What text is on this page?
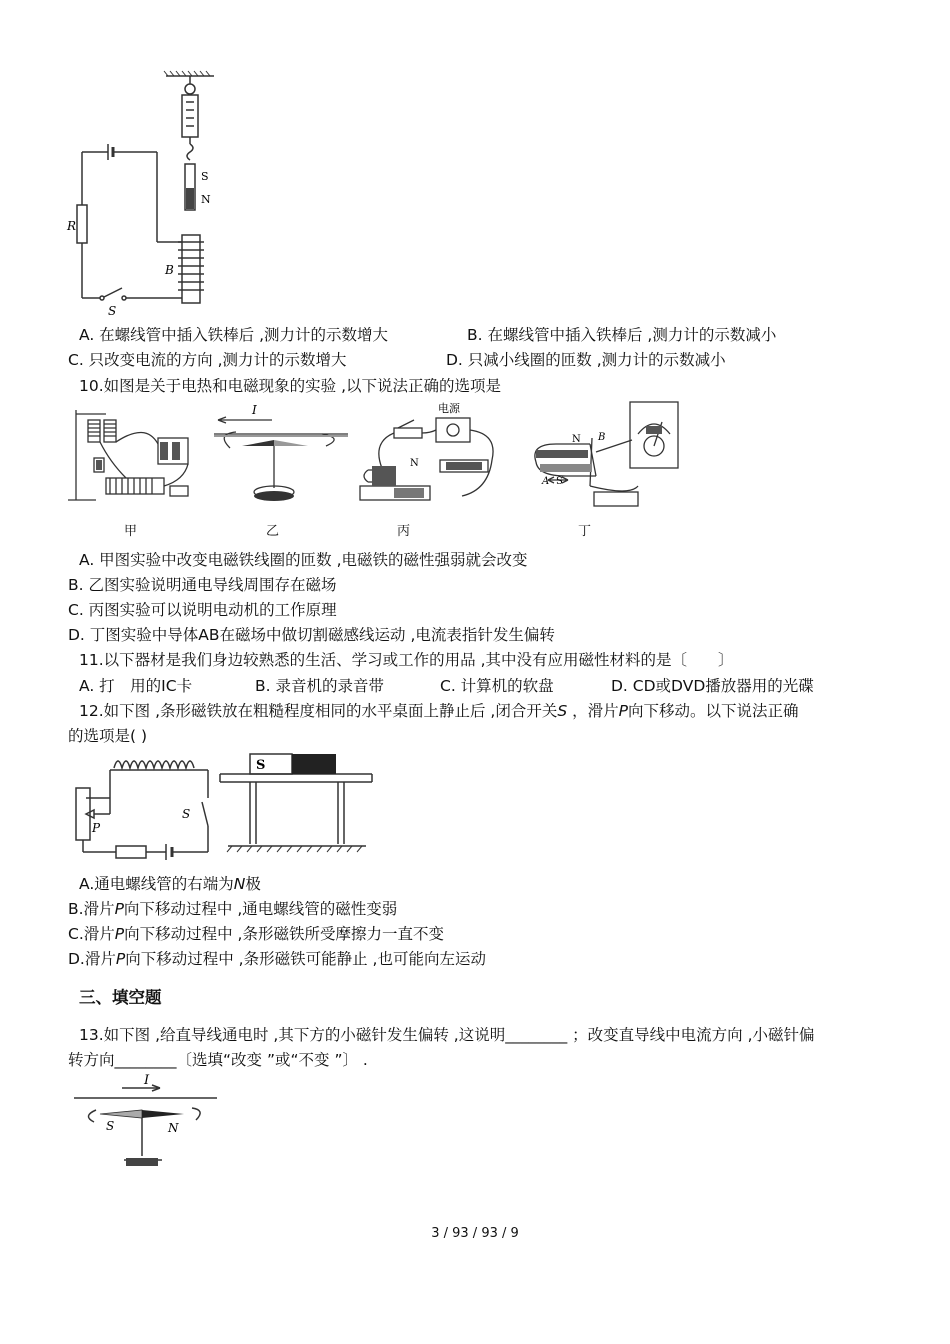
S
N
R
B
S
A. 在螺线管中插入铁棒后 ,测力计的示数增大	B. 在螺线管中插入铁棒后 ,测力计的示数减小
C. 只改变电流的方向 ,测力计的示数增大	D. 只减小线圈的匝数 ,测力计的示数减小
10.如图是关于电热和电磁现象的实验 ,以下说法正确的选项是
甲
I
乙
电源
N
丙
N B
A S
丁
A. 甲图实验中改变电磁铁线圈的匝数 ,电磁铁的磁性强弱就会改变
B. 乙图实验说明通电导线周围存在磁场
C. 丙图实验可以说明电动机的工作原理
D. 丁图实验中导体AB在磁场中做切割磁感线运动 ,电流表指针发生偏转
11.以下器材是我们身边较熟悉的生活、学习或工作的用品 ,其中没有应用磁性材料的是〔　　〕
A. 打　用的IC卡	B. 录音机的录音带	C. 计算机的软盘	D. CD或DVD播放器用的光碟
12.如下图 ,条形磁铁放在粗糙程度相同的水平桌面上静止后 ,闭合开关S ，滑片P向下移动。以下说法正确
的选项是( )
S
P
S
A.通电螺线管的右端为N极
B.滑片P向下移动过程中 ,通电螺线管的磁性变弱
C.滑片P向下移动过程中 ,条形磁铁所受摩擦力一直不变
D.滑片P向下移动过程中 ,条形磁铁可能静止 ,也可能向左运动
三、填空题
13.如下图 ,给直导线通电时 ,其下方的小磁针发生偏转 ,这说明________ ；改变直导线中电流方向 ,小磁针偏
转方向________〔选填“改变 ”或“不变 ”〕 .
I
S	N
3 / 93 / 93 / 9
